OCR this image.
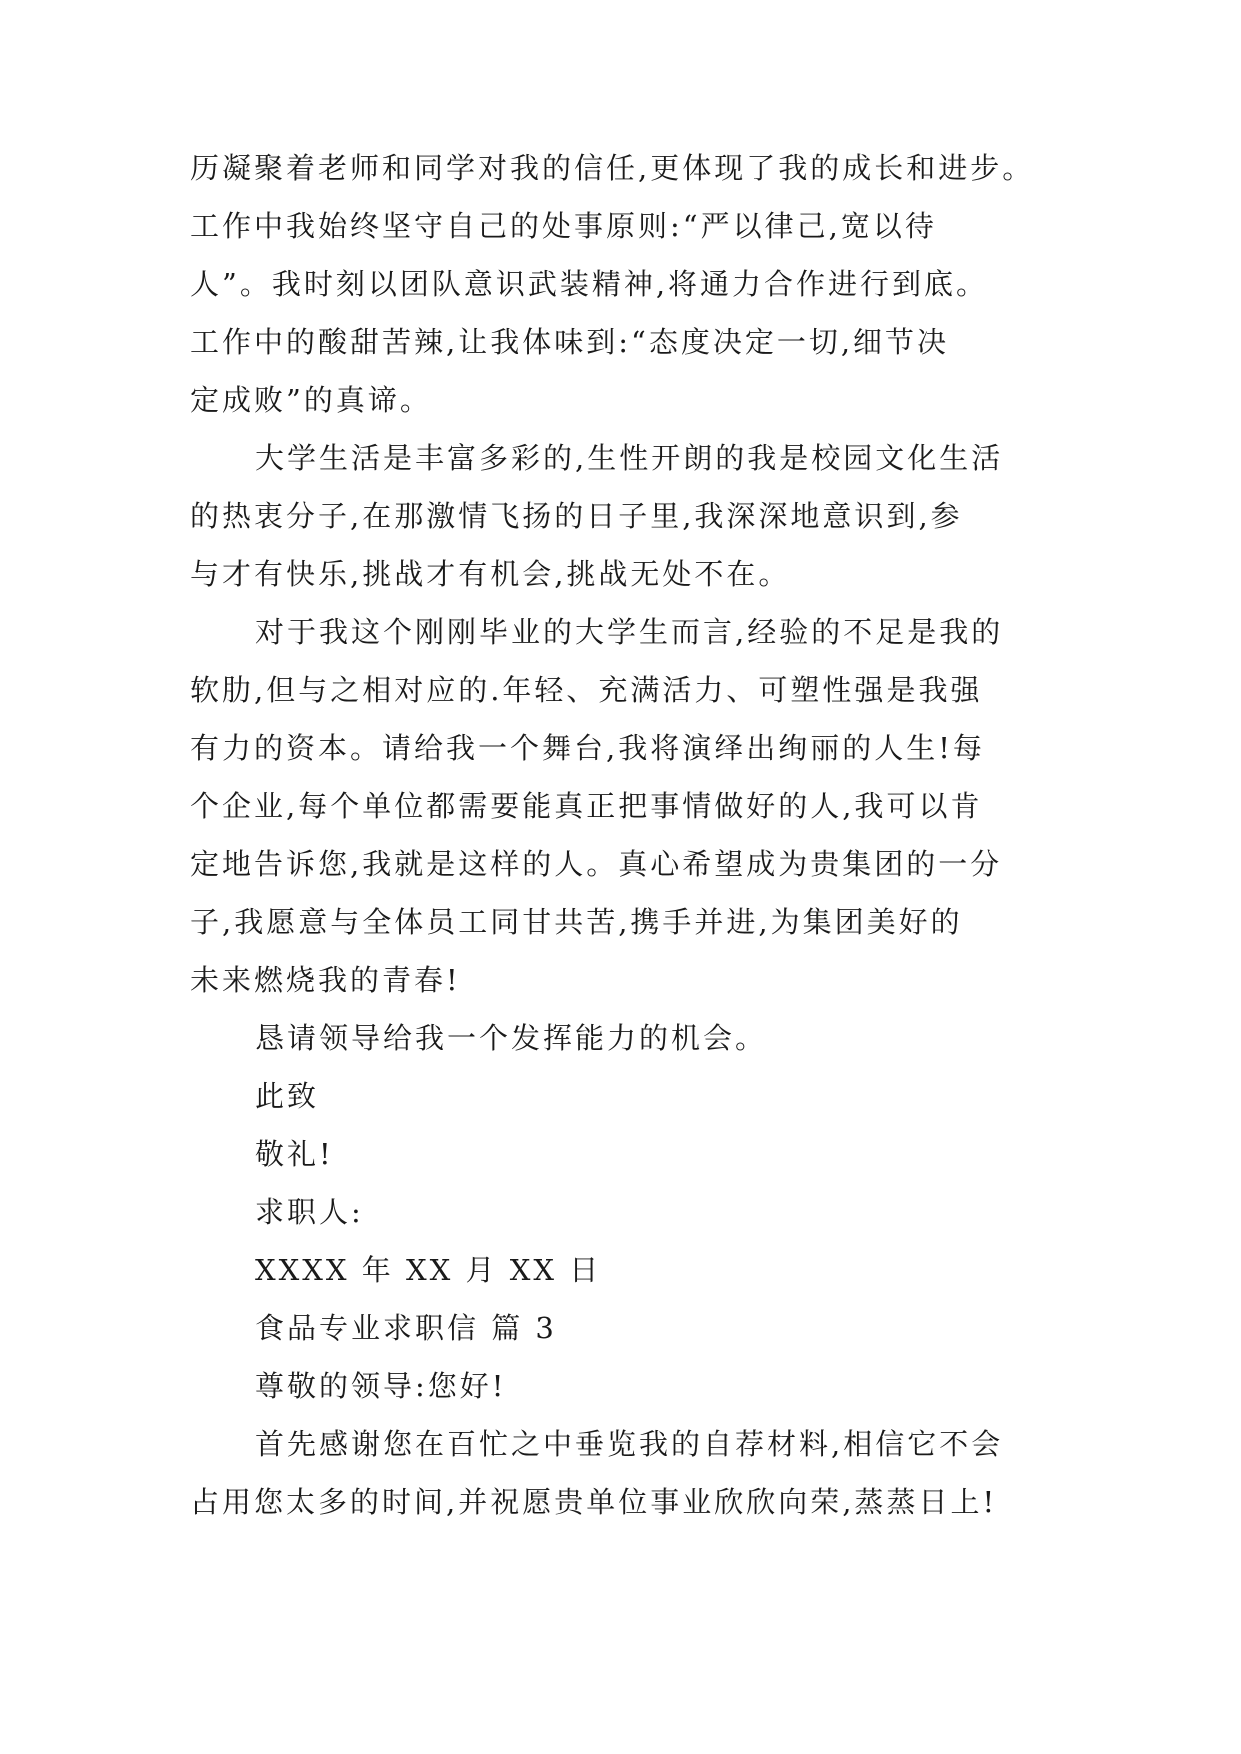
历凝聚着老师和同学对我的信任,更体现了我的成长和进步。
工作中我始终坚守自己的处事原则:“严以律己,宽以待
人”。我时刻以团队意识武装精神,将通力合作进行到底。
工作中的酸甜苦辣,让我体味到:“态度决定一切,细节决
定成败”的真谛。
大学生活是丰富多彩的,生性开朗的我是校园文化生活
的热衷分子,在那激情飞扬的日子里,我深深地意识到,参
与才有快乐,挑战才有机会,挑战无处不在。
对于我这个刚刚毕业的大学生而言,经验的不足是我的
软肋,但与之相对应的.年轻、充满活力、可塑性强是我强
有力的资本。请给我一个舞台,我将演绎出绚丽的人生!每
个企业,每个单位都需要能真正把事情做好的人,我可以肯
定地告诉您,我就是这样的人。真心希望成为贵集团的一分
子,我愿意与全体员工同甘共苦,携手并进,为集团美好的
未来燃烧我的青春!
恳请领导给我一个发挥能力的机会。
此致
敬礼!
求职人:
XXXX 年 XX 月 XX 日
食品专业求职信 篇 3
尊敬的领导:您好!
首先感谢您在百忙之中垂览我的自荐材料,相信它不会
占用您太多的时间,并祝愿贵单位事业欣欣向荣,蒸蒸日上!
